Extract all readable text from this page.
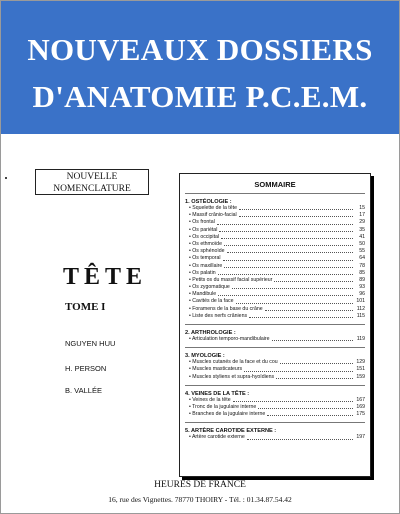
NOUVEAUX DOSSIERS
D'ANATOMIE P.C.E.M.
NOUVELLE
NOMENCLATURE
TÊTE
TOME I
NGUYEN HUU
H. PERSON
B. VALLÉE
SOMMAIRE
1. OSTÉOLOGIE :
• Squelette de la tête	15
• Massif crânio-facial	17
• Os frontal	29
• Os pariétal	35
• Os occipital	41
• Os ethmoïde	50
• Os sphénoïde	55
• Os temporal	64
• Os maxillaire	78
• Os palatin	85
• Petits os du massif facial supérieur	89
• Os zygomatique	93
• Mandibule	96
• Cavités de la face	101
• Foramens de la base du crâne	112
• Liste des nerfs crâniens	115
2. ARTHROLOGIE :
• Articulation temporo-mandibulaire	119
3. MYOLOGIE :
• Muscles cutanés de la face et du cou	129
• Muscles masticateurs	151
• Muscles styliens et supra-hyoïdiens	159
4. VEINES DE LA TÊTE :
• Veines de la tête	167
• Tronc de la jugulaire interne	169
• Branches de la jugulaire interne	175
5. ARTÈRE CAROTIDE EXTERNE :
• Artère carotide externe	197
HEURES DE FRANCE
16, rue des Vignettes. 78770 THOIRY - Tél. : 01.34.87.54.42
